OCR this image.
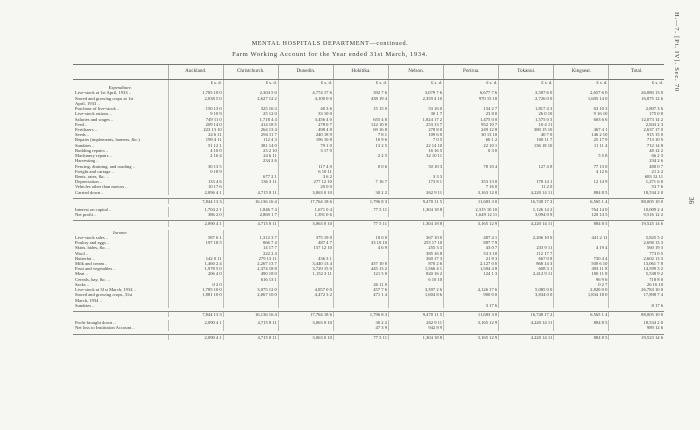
MENTAL HOSPITALS DEPARTMENT—continued.
Farm Working Account for the Year ended 31st March, 1934.
	Auckland.	Christchurch.	Dunedin.	Hokitika.	Nelson.	Porirua.	Tokanui.	Kingseat.	Total.
	£ s. d.	£ s. d.	£ s. d.	£ s. d.	£ s. d.	£ s. d.	£ s. d.	£ s. d.	£ s. d.
Expenditure.									
Live-stock at 1st April, 1933 ..	1,705 10 0	2,304 5 0	4,774 17 6	392 7 6	3,079 7 6	6,677 7 6	3,587 6 0	2,657 6 0	26,080 13 0
Stored and growing crops at 1st	2,038 5 0	2,627 12 2	4,100 0 0	438 19 4	2,359 4 10	970 15 10	2,726 0 0	1,605 14 0	16,875 12 6
April, 1933 ..									
Purchase of live-stock ..	150 13 0	325 16 3	40 3 6	15 15 0	53 16 0	134 2 7	1,817 4 3	63 10 3	2,807 3 6
Live-stock rations ..	9 10 9	25 12 0	33 10 0		30 1 7	23 8 0	26 0 10	9 16 10	175 0 8
Salaries and wages ..	749 11 0	1,718 4 4	3,456 4 0	655 4 0	1,824 17 2	1,475 0 0	1,575 0 3	603 6 6	12,073 14 2
Feed ..	209 14 0	414 18 5	278 0 7	122 10 0	253 13 7	952 10 7	10 4 11		2,843 2 3
Fertilizers ..	223 13 10	264 13 4	498 4 8	69 16 8	278 8 0	249 12 8	380 15 10	467 4 1	2,637 17 0
Seeds ..	24 6 11	294 11 7	240 18 9	7 8 1	109 6 0	30 13 10	40 7 0	146 2 10	915 15 0
Repairs (implements, harness, &c.)	199 4 11	112 4 3	196 10 8	16 9 6	7 0 5	60 1 2	100 11 7	25 17 9	713 10 9
Sundries ..	51 12 1	381 14 0	79 1 0	13 2 5	22 14 10	22 10 1	136 18 10	11 11 4	712 14 8
Building repairs ..	4 10 0	23 2 10	3 17 0		16 16 5	0 3 0			48 12 2
Machinery repairs ..	2 16 4	24 6 11		2 2 5	32 10 11			5 5 8	66 2 3
Harvesting ..		234 2 6							234 2 6
Fencing, draining, and roading ..	30 13 5		117 4 0	0 0 6	50 10 3	78 10 4	127 4 8	77 13 0	480 0 7
Freight and cartage ..	0 18 9		6 10 11					4 12 6	21 2 2
Rents, rates, &c. ..		677 2 1	3 6 2		3 3 3				683 12 11
Depreciation ..	133 4 6	136 3 11	277 12 10	7 16 7	173 8 1	353 13 0	178 14 1	12 14 9	1,271 6 0
Vehicles other than motors ..	10 17 6		20 0 0			7 16 0	11 2 0		53 7 6
Carried down ..	2,096 4 1	4,715 8 11	3,063 0 10	30 2 2	262 9 11	3,163 12 0	4,220 14 11	884 8 5	18,534 2 0

	7,844 13 3	16,136 16 4	17,764 18 6	1,796 8 3	9,470 11 5	11,683 3 0	16,748 17 2	6,565 1 4	88,005 10 0

Interest on capital ..	1,704 2 1	1,846 7 4	1,671 0 4	77 5 11	1,304 18 8	2,315 10 10	1,126 14 2	764 14 0	10,009 2 4
Net profit ..	386 2 0	2,869 1 7	1,391 0 6			1,649 12 11	3,094 0 9	120 14 5	9,516 12 2

	2,090 4 1	4,715 8 11	3,063 0 10	77 5 11	1,304 18 8	3,165 12 9	4,220 14 11	884 8 5	19,525 14 6

Income.									
Live-stock sales ..	587 6 1	1,312 3 7	375 19 0	18 0 0	367 10 0	487 4 1	2,206 10 0	441 2 11	5,825 5 2
Poultry and eggs ..	197 18 5	866 7 4	487 4 7	33 10 10	255 17 10	887 7 9			2,698 13 3
Skins, hides, &c. ..		14 17 7	157 12 10	4 6 9	255 3 3	43 0 7	233 9 11	4 19 4	560 19 3
Wool ..		222 2 4			385 16 8	53 3 10	112 17 7		773 0 5
Butterfat ..	142 0 11	279 13 11	436 3 1		360 17 3	21 8 3	667 0 8	730 4 4	2,602 13 3
Milk and cream ..	1,460 2 4	2,267 13 7	3,440 13 4	457 10 0	870 2 6	2,127 0 0	868 14 3	500 6 10	13,061 7 8
Fruit and vegetables ..	1,978 5 0	2,374 18 8	3,729 15 0	445 13 2	1,566 4 1	1,504 4 8	608 3 1	493 11 8	14,599 3 2
Meat ..	206 4 0	490 18 0	1,152 3 11	121 5 0	820 16 2	124 1 3	2,412 9 11	100 11 8	5,538 9 2
Cereals, hay, &c. ..		616 13 1			6 10 10			96 9 6	718 8 0
Sacks ..	0 2 0			26 11 0				0 2 7	26 16 10
Live-stock at 31st March, 1934 ..	1,785 10 0	3,075 12 0	4,857 0 0	457 7 6	3,397 2 6	4,126 17 6	5,085 0 0	2,820 0 0	26,784 10 0
Stored and growing crops, 31st	1,881 10 0	2,067 10 0	4,472 3 2	471 1 4	1,604 8 6	900 0 0	3,834 0 0	1,834 18 0	17,898 7 4
March, 1934 ..									
Sundries ..						3 17 6			8 17 6

	7,844 13 3	16,136 16 4	17,764 18 6	1,796 8 3	9,470 11 5	11,683 3 0	16,748 17 2	6,565 1 4	88,005 10 0

Profit brought down ..	2,090 4 1	4,715 8 11	3,063 0 10	30 2 2	262 9 11	3,165 12 9	4,220 14 11	884 8 5	18,534 2 0
Net loss to Institution Account ..				47 3 9	942 8 9				989 12 6

	2,090 4 1	4,715 8 11	3,063 0 10	77 5 11	1,304 18 8	3,165 12 9	4,220 14 11	884 8 5	19,523 14 6
H.—7. [Pt. IV]. Sec. 70
36
